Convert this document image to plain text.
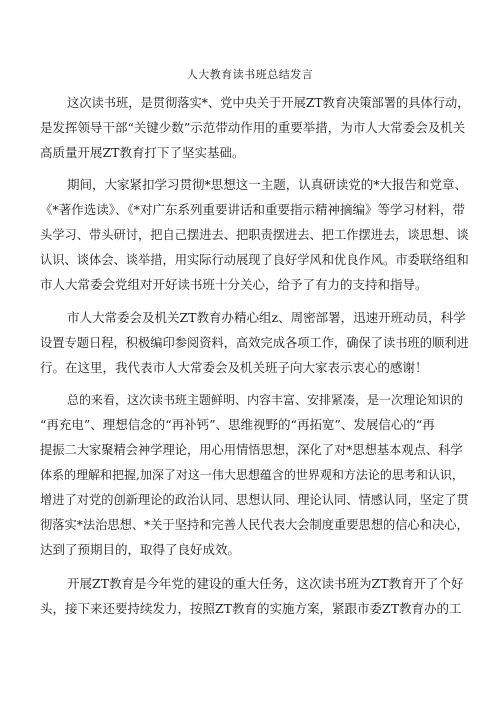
人大教育读书班总结发言
这次读书班，是贯彻落实*、党中央关于开展ZT教育决策部署的具体行动，
是发挥领导干部“关键少数”示范带动作用的重要举措，为市人大常委会及机关
高质量开展ZT教育打下了坚实基础。
期间，大家紧扣学习贯彻*思想这一主题，认真研读党的*大报告和党章、
《*著作选读》、《*对广东系列重要讲话和重要指示精神摘编》等学习材料，带
头学习、带头研讨，把自己摆进去、把职责摆进去、把工作摆进去，谈思想、谈
认识、谈体会、谈举措，用实际行动展现了良好学风和优良作风。市委联络组和
市人大常委会党组对开好读书班十分关心，给予了有力的支持和指导。
市人大常委会及机关ZT教育办精心组z、周密部署，迅速开班动员，科学
设置专题日程，积极编印参阅资料，高效完成各项工作，确保了读书班的顺利进
行。在这里，我代表市人大常委会及机关班子向大家表示衷心的感谢！
总的来看，这次读书班主题鲜明、内容丰富、安排紧凑，是一次理论知识的
“再充电”、理想信念的“再补钙”、思维视野的“再拓宽”、发展信心的“再
提振二大家聚精会神学理论，用心用情悟思想，深化了对*思想基本观点、科学
体系的理解和把握,加深了对这一伟大思想蕴含的世界观和方法论的思考和认识，
增进了对党的创新理论的政治认同、思想认同、理论认同、情感认同，坚定了贯
彻落实*法治思想、*关于坚持和完善人民代表大会制度重要思想的信心和决心，
达到了预期目的，取得了良好成效。
开展ZT教育是今年党的建设的重大任务，这次读书班为ZT教育开了个好
头，接下来还要持续发力，按照ZT教育的实施方案，紧跟市委ZT教育办的工
